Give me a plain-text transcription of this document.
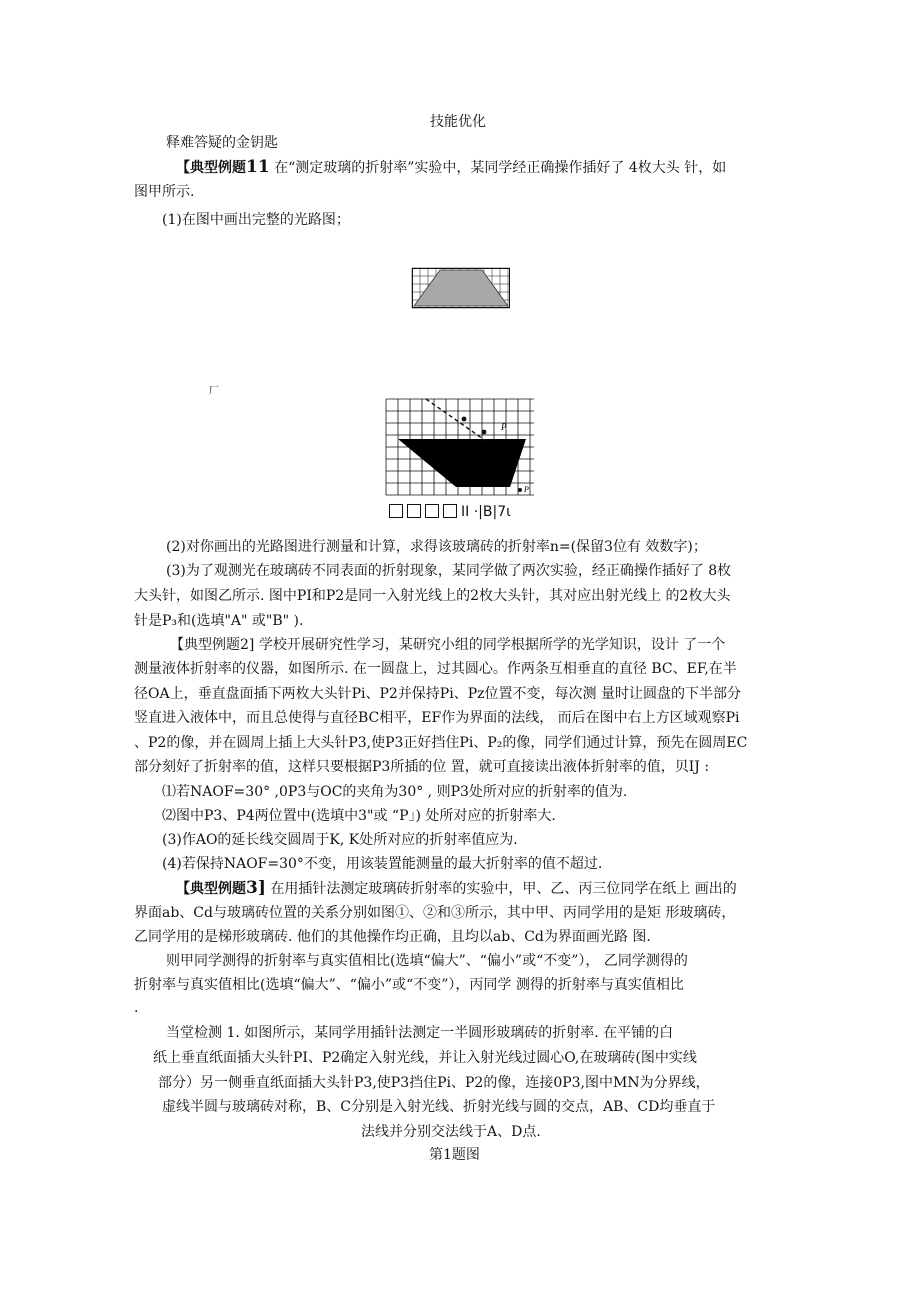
技能优化
释难答疑的金钥匙
【典型例题11 在“测定玻璃的折射率”实验中，某同学经正确操作插好了 4枚大头 针，如
图甲所示.
(1)在图中画出完整的光路图；
厂
P
P
II ·|B|7ι
(2)对你画出的光路图进行测量和计算，求得该玻璃砖的折射率n=(保留3位有 效数字)；
(3)为了观测光在玻璃砖不同表面的折射现象，某同学做了两次实验，经正确操作插好了 8枚
大头针，如图乙所示. 图中PI和P2是同一入射光线上的2枚大头针，其对应出射光线上 的2枚大头
针是P₃和(选填"A" 或"B" ).
【典型例题2] 学校开展研究性学习，某研究小组的同学根据所学的光学知识，设计 了一个
测量液体折射率的仪器，如图所示. 在一圆盘上，过其圆心。作两条互相垂直的直径 BC、EF,在半
径OA上，垂直盘面插下两枚大头针Pi、P2并保持Pi、Pz位置不变，每次测 量时让圆盘的下半部分
竖直进入液体中，而且总使得与直径BC相平，EF作为界面的法线， 而后在图中右上方区域观察Pi
、P2的像，并在圆周上插上大头针P3,使P3正好挡住Pi、P₂的像，同学们通过计算，预先在圆周EC
部分刻好了折射率的值，这样只要根据P3所插的位 置，就可直接读出液体折射率的值，贝IJ :
⑴若NAOF=30° ,0P3与OC的夹角为30° , 则P3处所对应的折射率的值为.
⑵图中P3、P4两位置中(选填中3"或 “P」) 处所对应的折射率大.
(3)作AO的延长线交圆周于K, K处所对应的折射率值应为.
(4)若保持NAOF=30°不变，用该装置能测量的最大折射率的值不超过.
【典型例题3] 在用插针法测定玻璃砖折射率的实验中，甲、乙、丙三位同学在纸上 画出的
界面ab、Cd与玻璃砖位置的关系分别如图①、②和③所示，其中甲、丙同学用的是矩 形玻璃砖，
乙同学用的是梯形玻璃砖. 他们的其他操作均正确，且均以ab、Cd为界面画光路 图.
则甲同学测得的折射率与真实值相比(选填“偏大”、“偏小”或“不变”）， 乙同学测得的
折射率与真实值相比(选填“偏大”、“偏小”或“不变”），丙同学 测得的折射率与真实值相比
.
当堂检测 1. 如图所示，某同学用插针法测定一半圆形玻璃砖的折射率. 在平铺的白
纸上垂直纸面插大头针PI、P2确定入射光线，并让入射光线过圆心O,在玻璃砖(图中实线
部分）另一侧垂直纸面插大头针P3,使P3挡住Pi、P2的像，连接0P3,图中MN为分界线，
虚线半圆与玻璃砖对称，B、C分别是入射光线、折射光线与圆的交点，AB、CD均垂直于
法线并分别交法线于A、D点.
第1题图
